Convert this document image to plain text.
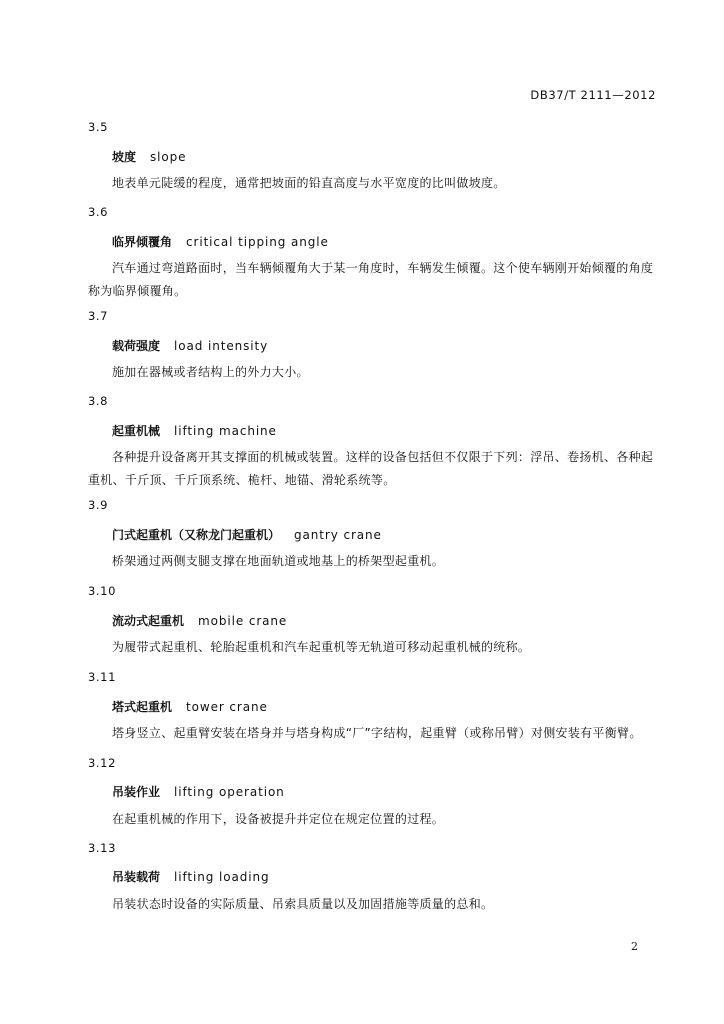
DB37/T 2111—2012
3.5
坡度 slope
地表单元陡缓的程度，通常把坡面的铅直高度与水平宽度的比叫做坡度。
3.6
临界倾覆角 critical tipping angle
汽车通过弯道路面时，当车辆倾覆角大于某一角度时，车辆发生倾覆。这个使车辆刚开始倾覆的角度称为临界倾覆角。
3.7
载荷强度 load intensity
施加在器械或者结构上的外力大小。
3.8
起重机械 lifting machine
各种提升设备离开其支撑面的机械或装置。这样的设备包括但不仅限于下列：浮吊、卷扬机、各种起重机、千斤顶、千斤顶系统、桅杆、地锚、滑轮系统等。
3.9
门式起重机（又称龙门起重机） gantry crane
桥架通过两侧支腿支撑在地面轨道或地基上的桥架型起重机。
3.10
流动式起重机 mobile crane
为履带式起重机、轮胎起重机和汽车起重机等无轨道可移动起重机械的统称。
3.11
塔式起重机 tower crane
塔身竖立、起重臂安装在塔身并与塔身构成“厂”字结构，起重臂（或称吊臂）对侧安装有平衡臂。
3.12
吊装作业 lifting operation
在起重机械的作用下，设备被提升并定位在规定位置的过程。
3.13
吊装载荷 lifting loading
吊装状态时设备的实际质量、吊索具质量以及加固措施等质量的总和。
2
